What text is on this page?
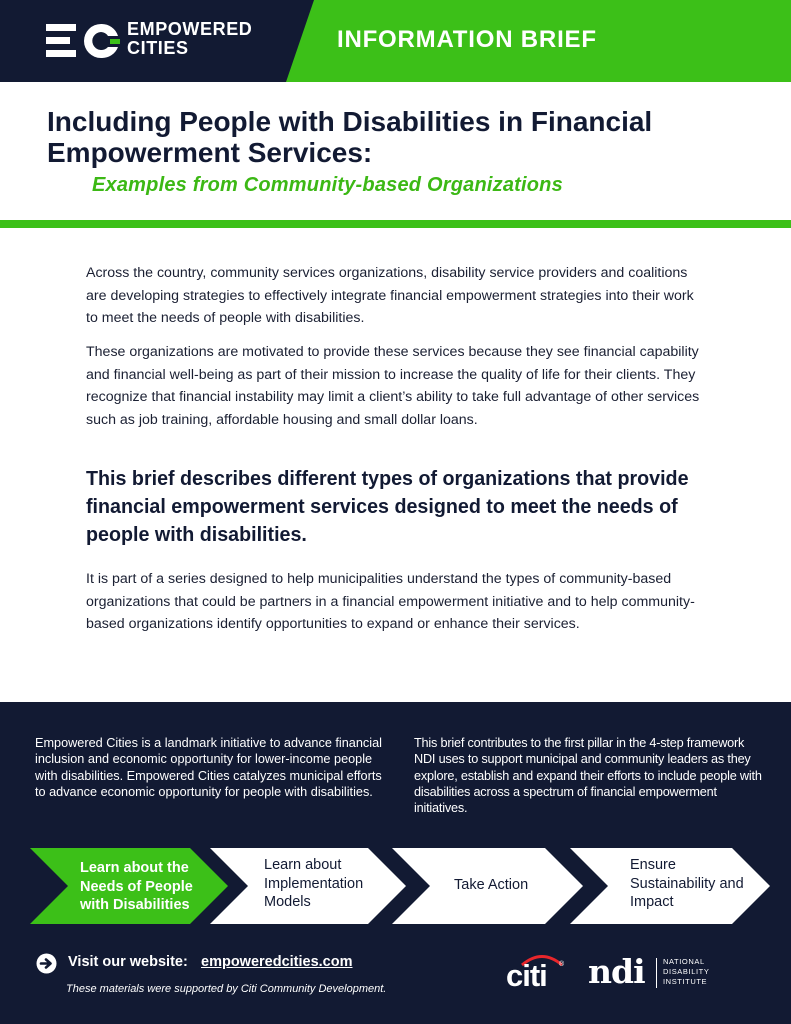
EMPOWERED
CITIES	INFORMATION BRIEF
Including People with Disabilities in Financial
Empowerment Services:
Examples from Community-based Organizations

Across the country, community services organizations, disability service providers and coalitions are developing strategies to effectively integrate financial empowerment strategies into their work to meet the needs of people with disabilities.

These organizations are motivated to provide these services because they see financial capability and financial well-being as part of their mission to increase the quality of life for their clients. They recognize that financial instability may limit a client’s ability to take full advantage of other services such as job training, affordable housing and small dollar loans.

This brief describes different types of organizations that provide financial empowerment services designed to meet the needs of people with disabilities.

It is part of a series designed to help municipalities understand the types of community-based organizations that could be partners in a financial empowerment initiative and to help community-based organizations identify opportunities to expand or enhance their services.

Empowered Cities is a landmark initiative to advance financial inclusion and economic opportunity for lower-income people with disabilities. Empowered Cities catalyzes municipal efforts to advance economic opportunity for people with disabilities.

This brief contributes to the first pillar in the 4-step framework NDI uses to support municipal and community leaders as they explore, establish and expand their efforts to include people with disabilities across a spectrum of financial empowerment initiatives.

Learn about the Needs of People with Disabilities
Learn about Implementation Models
Take Action
Ensure Sustainability and Impact
Visit our website: empoweredcities.com
These materials were supported by Citi Community Development.	citi ® ndi NATIONAL
DISABILITY
INSTITUTE
